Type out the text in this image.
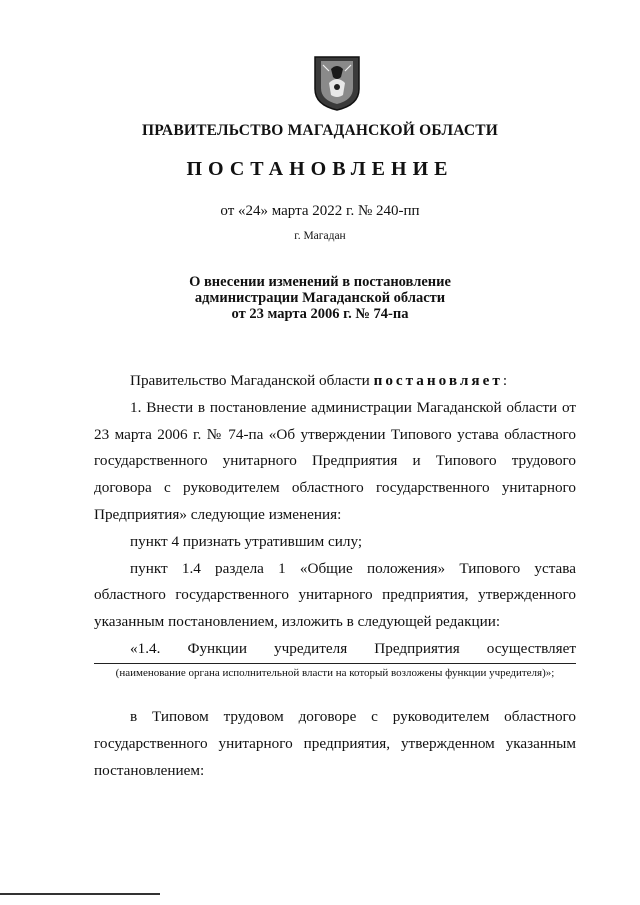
ПРАВИТЕЛЬСТВО МАГАДАНСКОЙ ОБЛАСТИ
ПОСТАНОВЛЕНИЕ
от «24» марта 2022 г. № 240-пп
г. Магадан
О внесении изменений в постановление
администрации Магаданской области
от 23 марта 2006 г. № 74-па

Правительство Магаданской области постановляет:

1. Внести в постановление администрации Магаданской области от 23 марта 2006 г. № 74-па «Об утверждении Типового устава областного государственного унитарного Предприятия и Типового трудового договора с руководителем областного государственного унитарного Предприятия» следующие изменения:

пункт 4 признать утратившим силу;

пункт 1.4 раздела 1 «Общие положения» Типового устава областного государственного унитарного предприятия, утвержденного указанным постановлением, изложить в следующей редакции:

«1.4. Функции учредителя Предприятия осуществляет

(наименование органа исполнительной власти на который возложены функции учредителя)»;

в Типовом трудовом договоре с руководителем областного государственного унитарного предприятия, утвержденном указанным постановлением:
